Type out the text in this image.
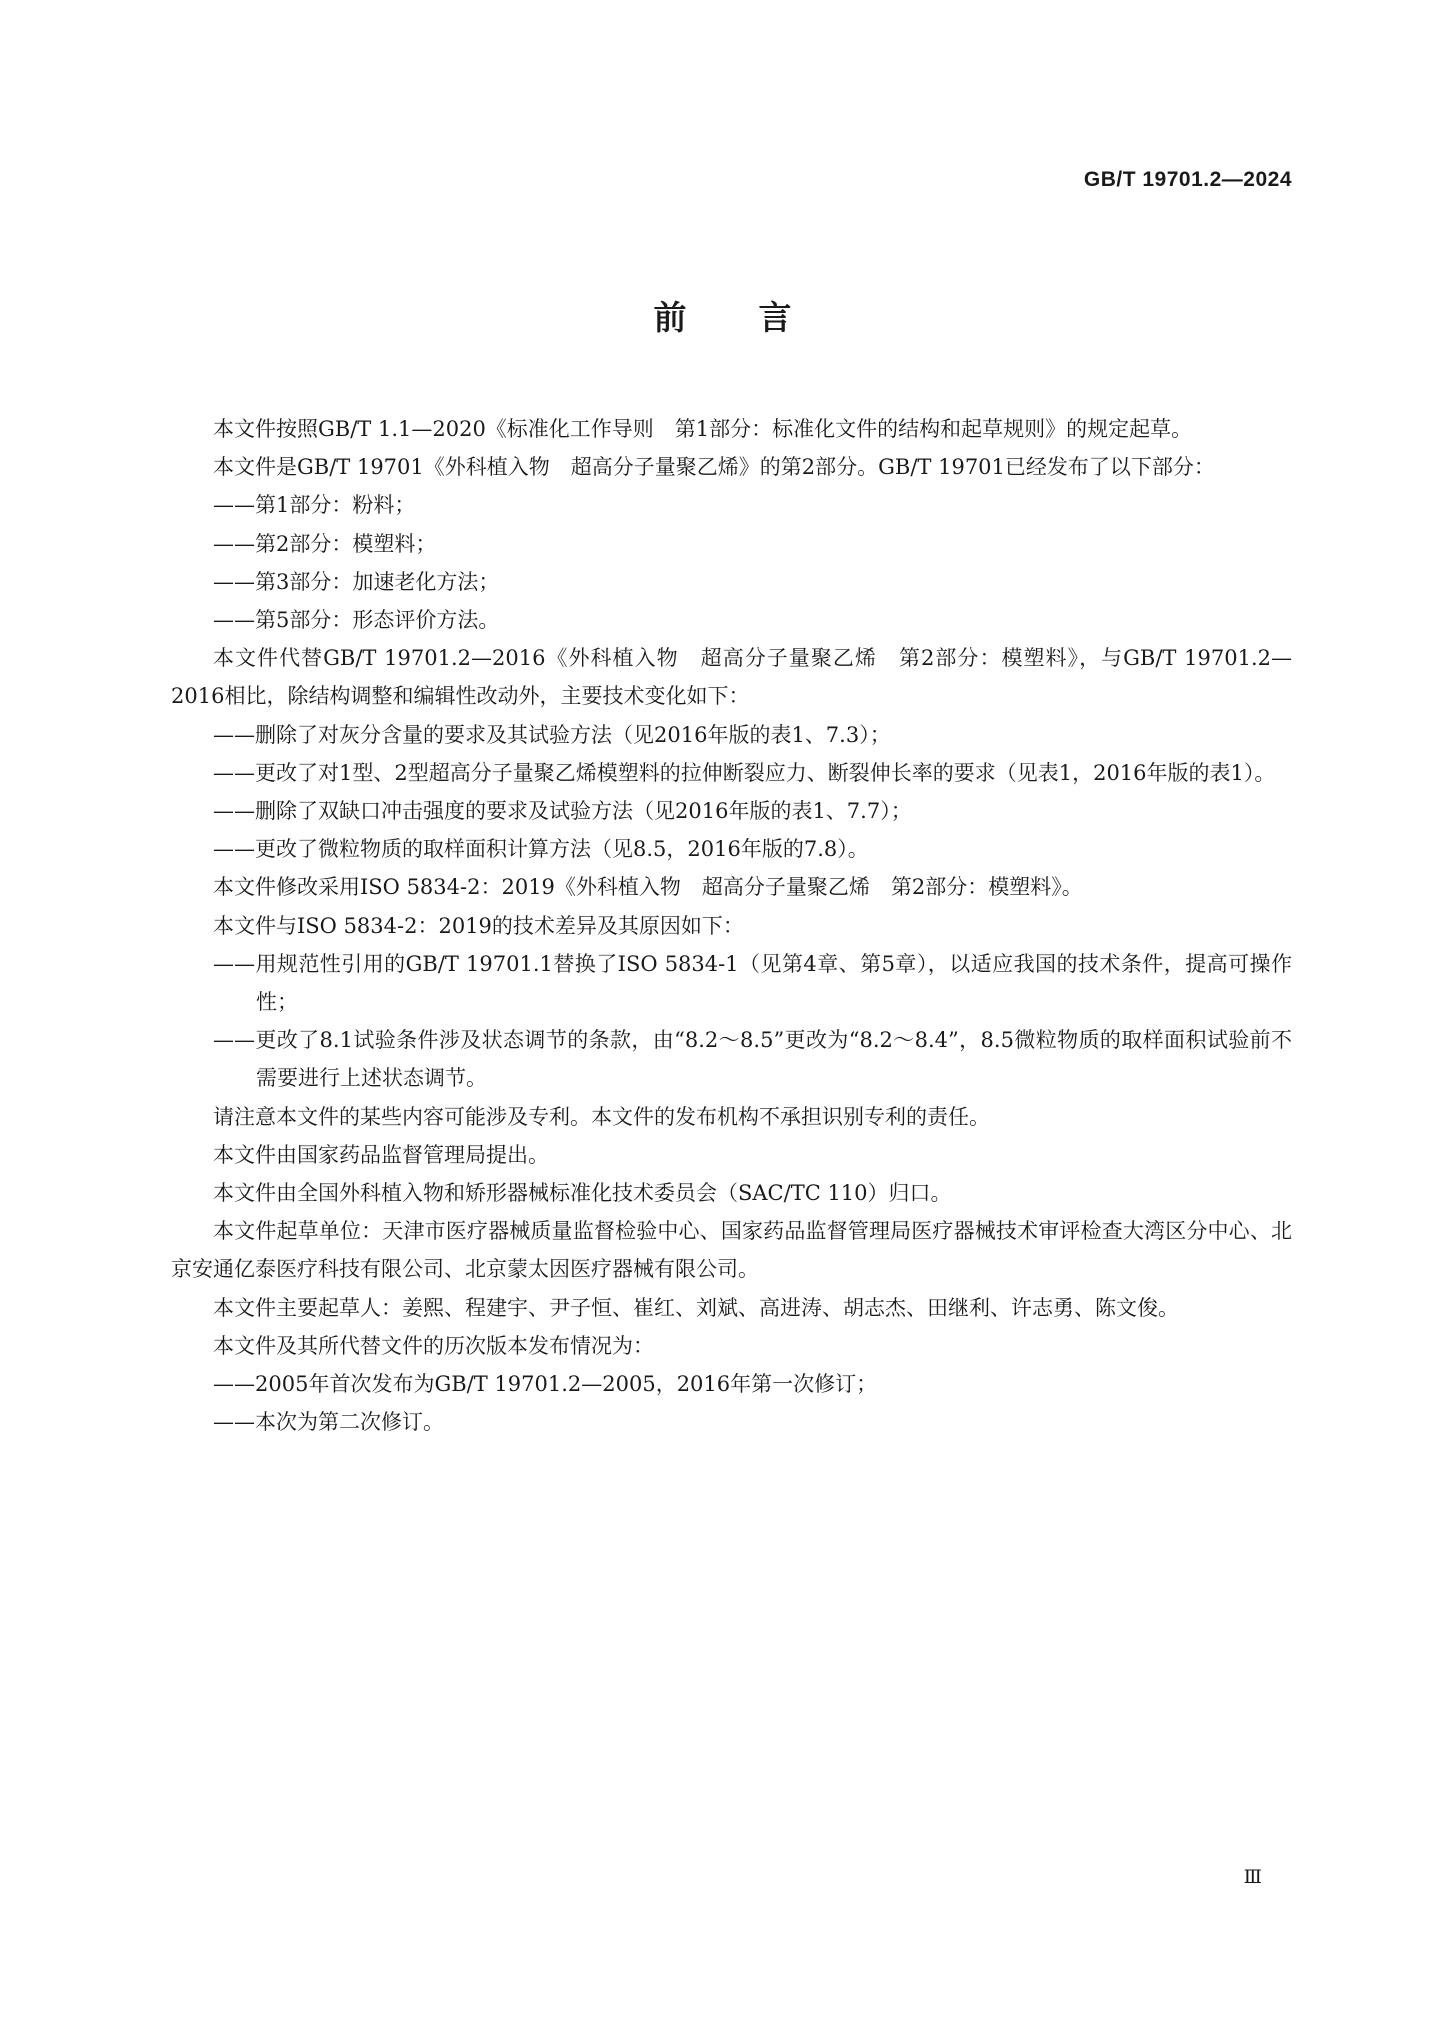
GB/T 19701.2—2024
前言

本文件按照GB/T 1.1—2020《标准化工作导则　第1部分：标准化文件的结构和起草规则》的规定起草。

本文件是GB/T 19701《外科植入物　超高分子量聚乙烯》的第2部分。GB/T 19701已经发布了以下部分：

——第1部分：粉料；

——第2部分：模塑料；

——第3部分：加速老化方法；

——第5部分：形态评价方法。

本文件代替GB/T 19701.2—2016《外科植入物　超高分子量聚乙烯　第2部分：模塑料》，与GB/T 19701.2—2016相比，除结构调整和编辑性改动外，主要技术变化如下：

——删除了对灰分含量的要求及其试验方法（见2016年版的表1、7.3）；

——更改了对1型、2型超高分子量聚乙烯模塑料的拉伸断裂应力、断裂伸长率的要求（见表1，2016年版的表1）。

——删除了双缺口冲击强度的要求及试验方法（见2016年版的表1、7.7）；

——更改了微粒物质的取样面积计算方法（见8.5，2016年版的7.8）。

本文件修改采用ISO 5834-2：2019《外科植入物　超高分子量聚乙烯　第2部分：模塑料》。

本文件与ISO 5834-2：2019的技术差异及其原因如下：

——用规范性引用的GB/T 19701.1替换了ISO 5834-1（见第4章、第5章），以适应我国的技术条件，提高可操作性；

——更改了8.1试验条件涉及状态调节的条款，由“8.2～8.5”更改为“8.2～8.4”，8.5微粒物质的取样面积试验前不需要进行上述状态调节。

请注意本文件的某些内容可能涉及专利。本文件的发布机构不承担识别专利的责任。

本文件由国家药品监督管理局提出。

本文件由全国外科植入物和矫形器械标准化技术委员会（SAC/TC 110）归口。

本文件起草单位：天津市医疗器械质量监督检验中心、国家药品监督管理局医疗器械技术审评检查大湾区分中心、北京安通亿泰医疗科技有限公司、北京蒙太因医疗器械有限公司。

本文件主要起草人：姜熙、程建宇、尹子恒、崔红、刘斌、高进涛、胡志杰、田继利、许志勇、陈文俊。

本文件及其所代替文件的历次版本发布情况为：

——2005年首次发布为GB/T 19701.2—2005，2016年第一次修订；

——本次为第二次修订。

Ⅲ
